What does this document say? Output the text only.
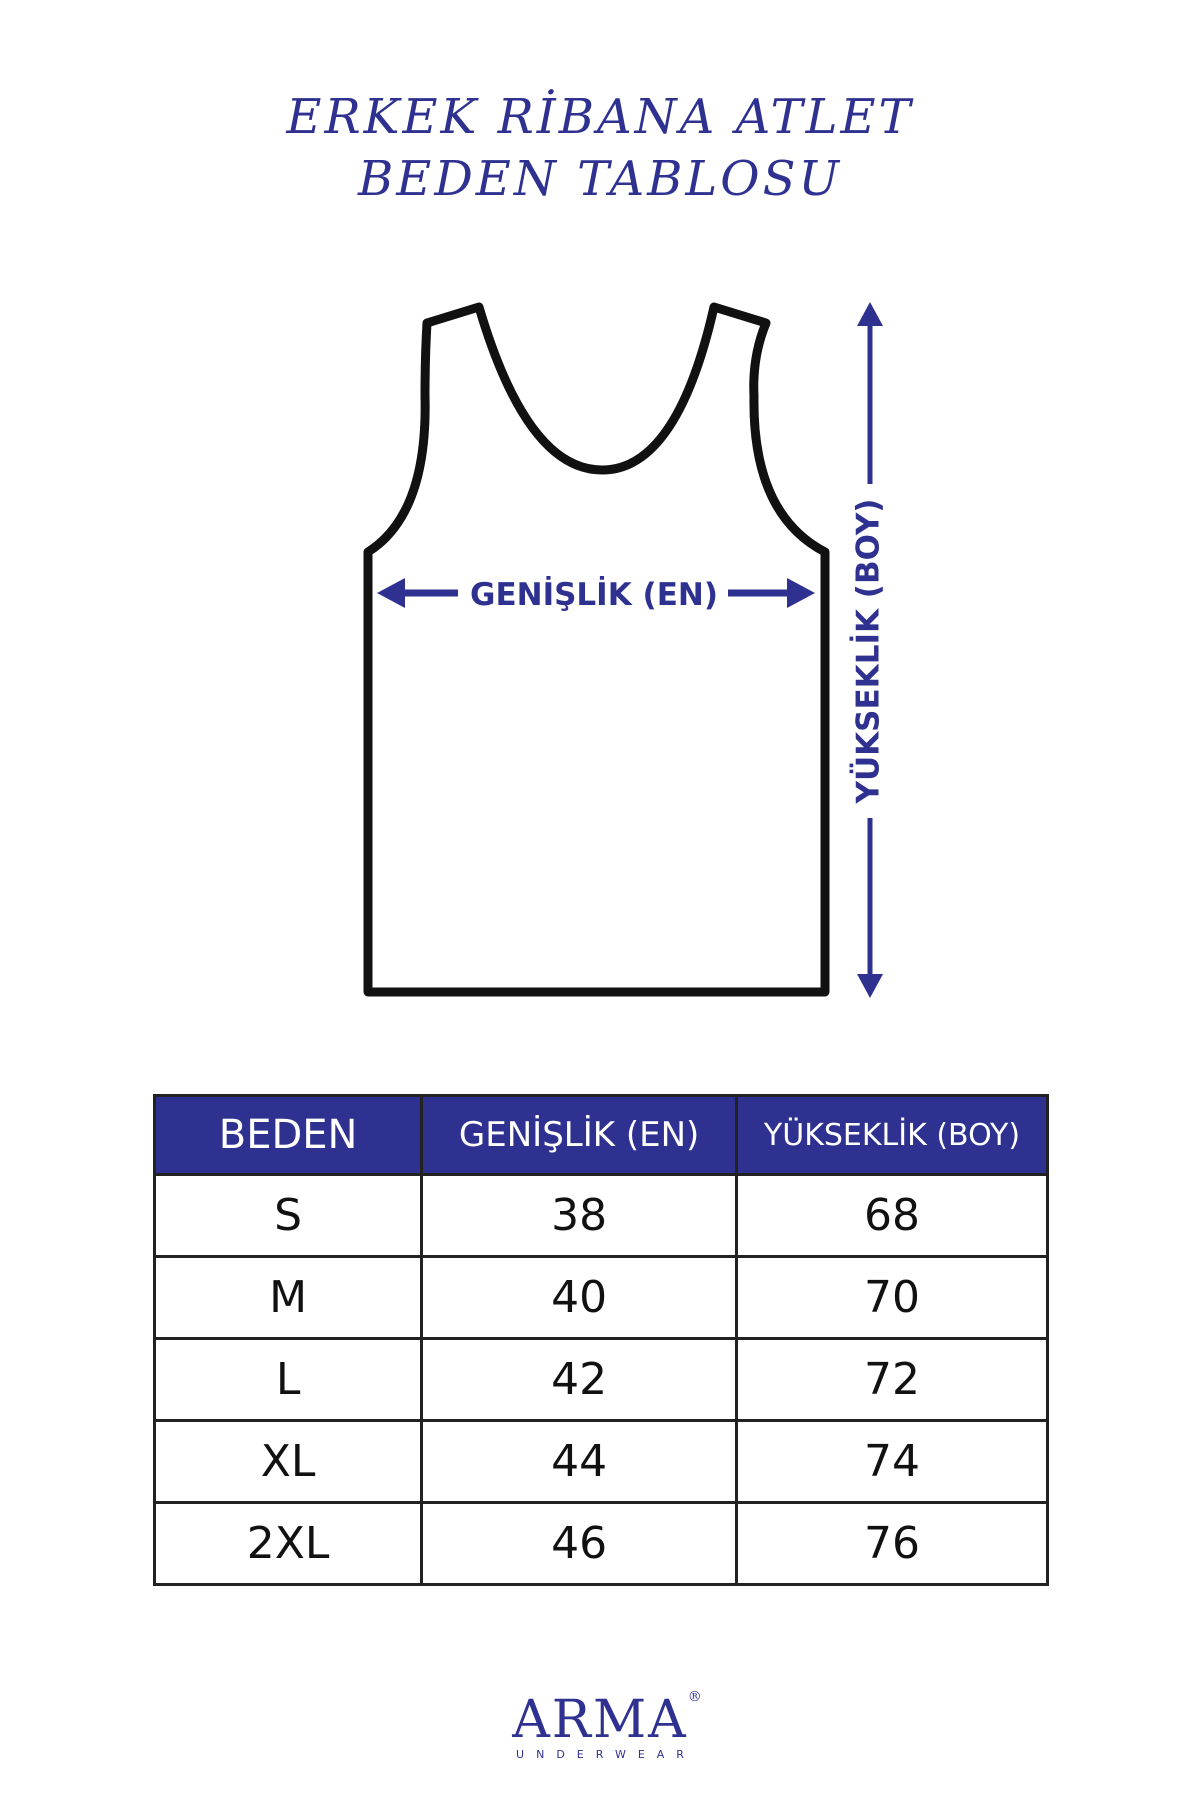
ERKEK RİBANA ATLET
BEDEN TABLOSU
GENİŞLİK (EN)	YÜKSEKLİK (BOY)
BEDEN	GENİŞLİK (EN)	YÜKSEKLİK (BOY)
S	38	68
M	40	70
L	42	72
XL	44	74
2XL	46	76
ARMA ®
UNDERWEAR
